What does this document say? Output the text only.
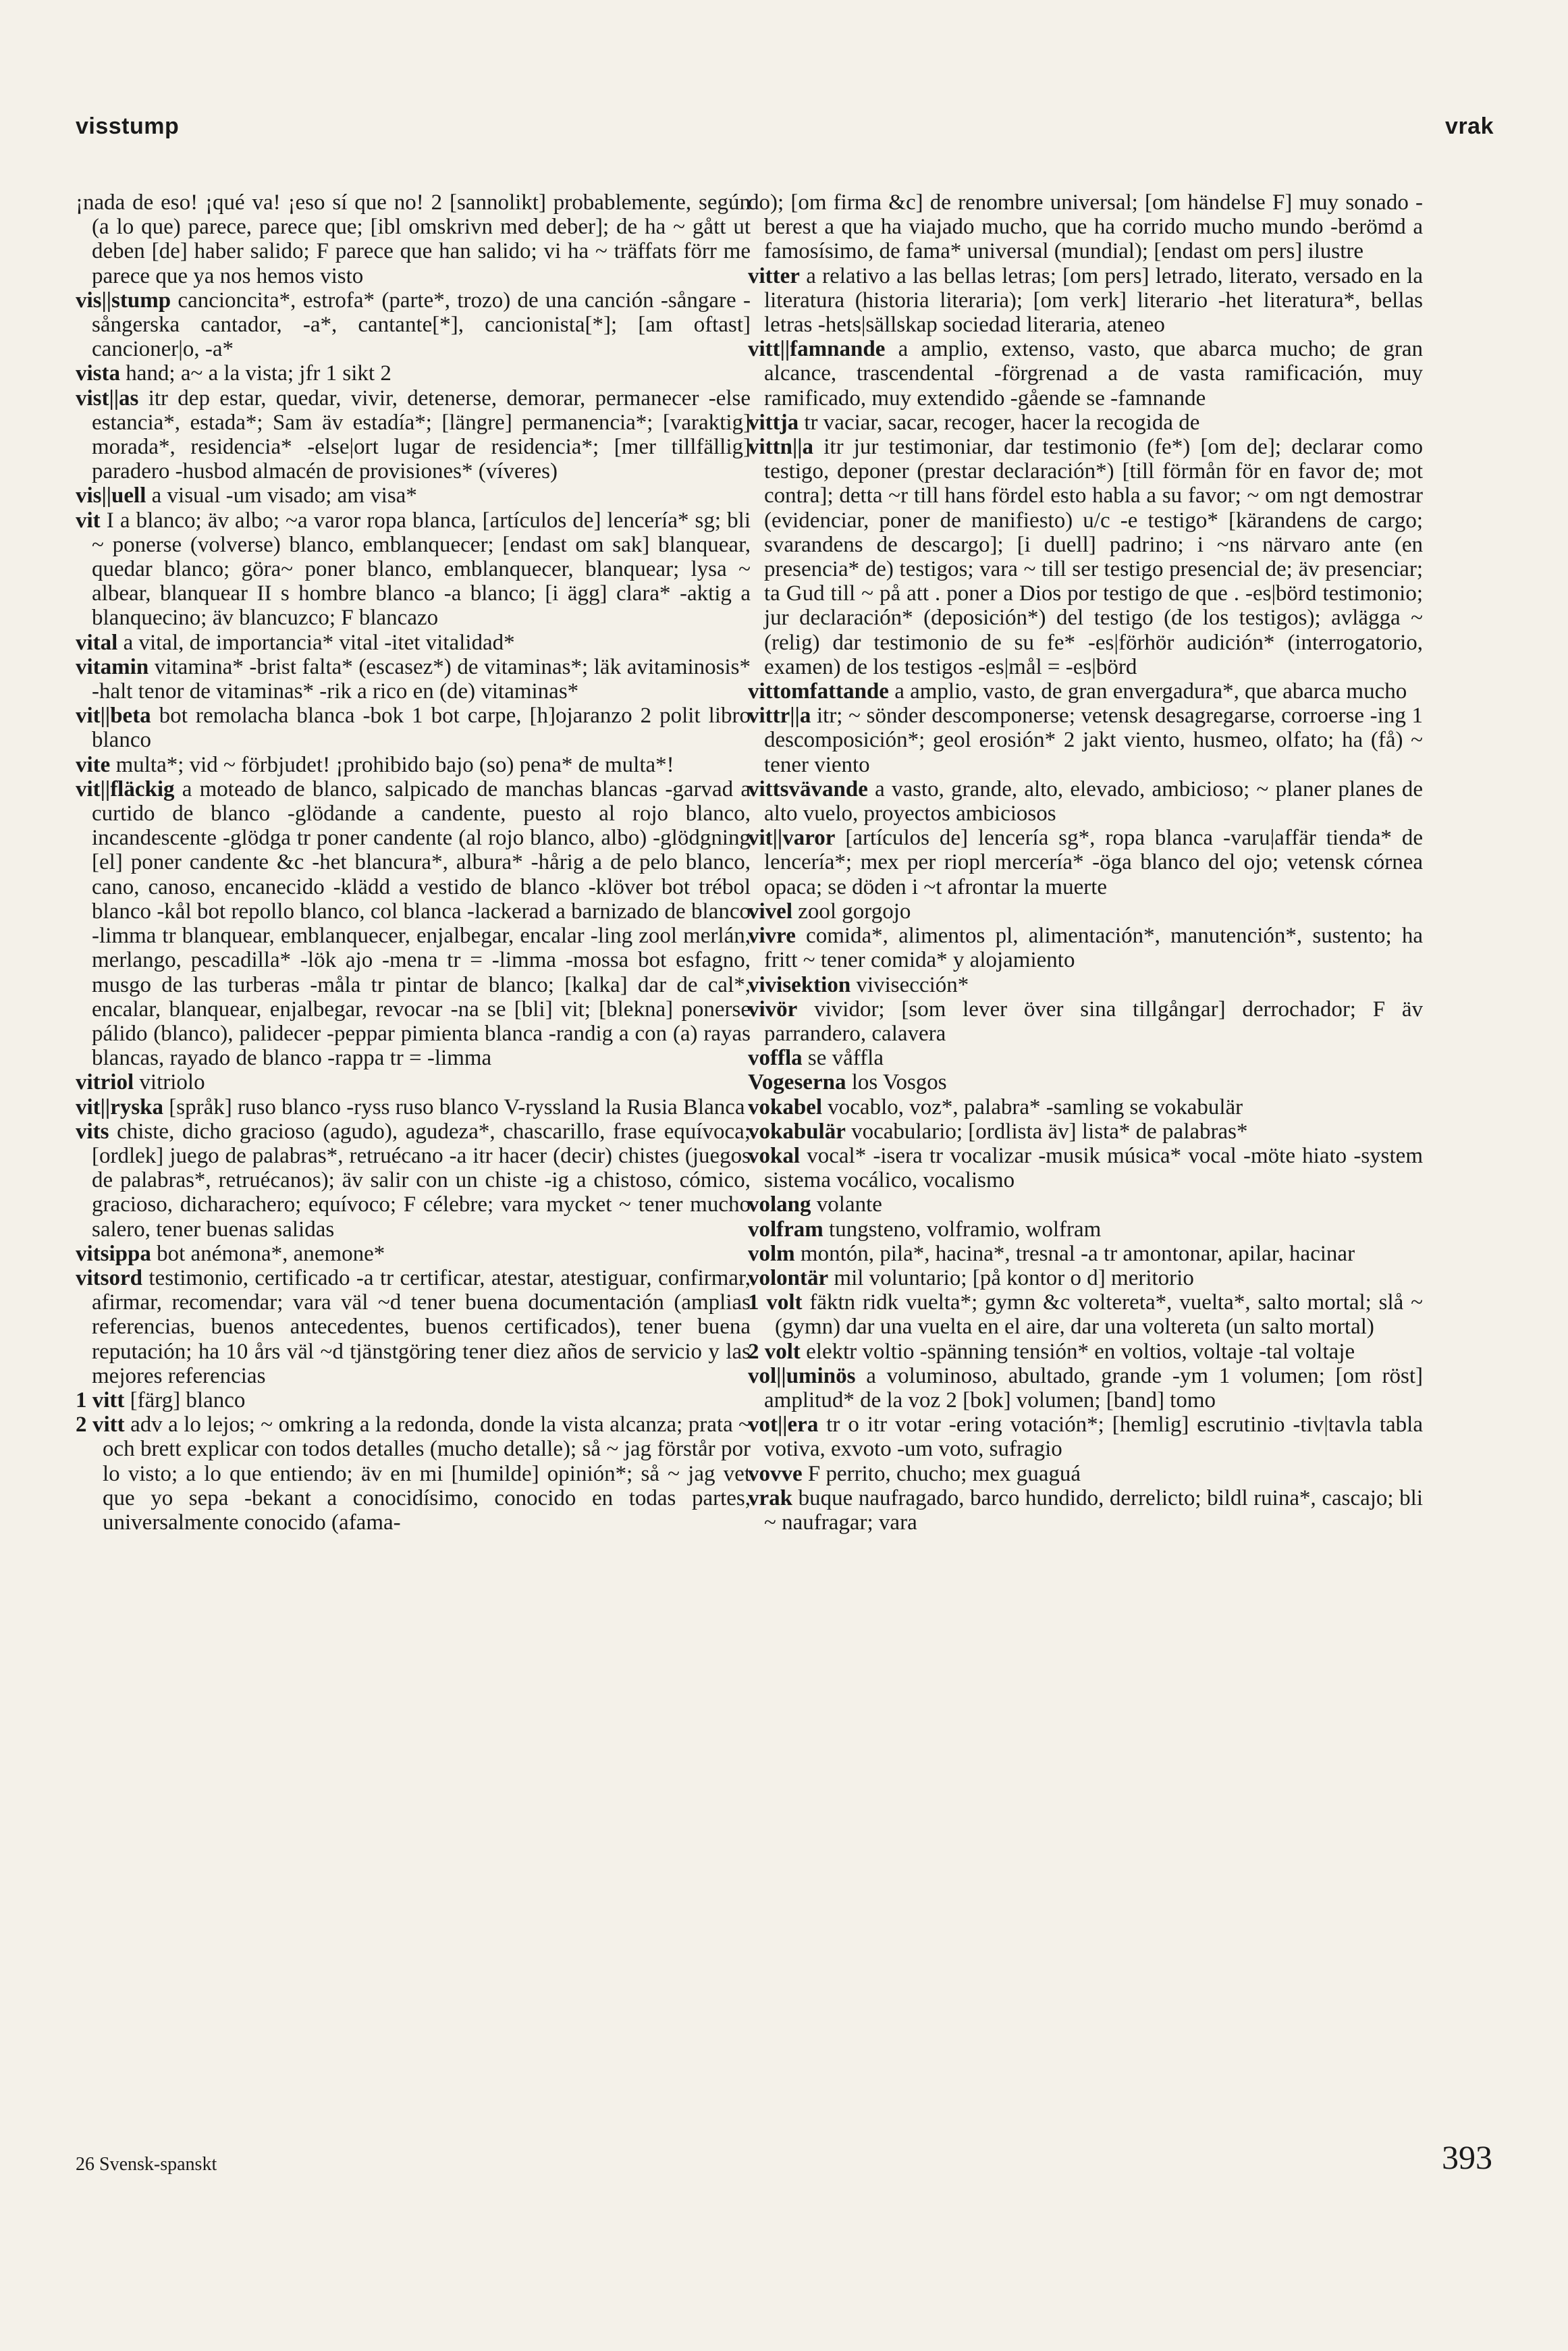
visstump	vrak

¡nada de eso! ¡qué va! ¡eso sí que no! 2 [sannolikt] probablemente, según (a lo que) parece, parece que; [ibl omskrivn med deber]; de ha ~ gått ut deben [de] haber salido; F parece que han salido; vi ha ~ träffats förr me parece que ya nos hemos visto

vis||stump cancioncita*, estrofa* (parte*, trozo) de una canción -sångare -sångerska cantador, -a*, cantante[*], cancionista[*]; [am oftast] cancioner|o, -a*

vista hand; a~ a la vista; jfr 1 sikt 2

vist||as itr dep estar, quedar, vivir, detenerse, demorar, permanecer -else estancia*, estada*; Sam äv estadía*; [längre] permanencia*; [varaktig] morada*, residencia* -else|ort lugar de residencia*; [mer tillfällig] paradero -husbod almacén de provisiones* (víveres)

vis||uell a visual -um visado; am visa*

vit I a blanco; äv albo; ~a varor ropa blanca, [artículos de] lencería* sg; bli ~ ponerse (volverse) blanco, emblanquecer; [endast om sak] blanquear, quedar blanco; göra~ poner blanco, emblanquecer, blanquear; lysa ~ albear, blanquear II s hombre blanco -a blanco; [i ägg] clara* -aktig a blanquecino; äv blancuzco; F blancazo

vital a vital, de importancia* vital -itet vitalidad*

vitamin vitamina* -brist falta* (escasez*) de vitaminas*; läk avitaminosis* -halt tenor de vitaminas* -rik a rico en (de) vitaminas*

vit||beta bot remolacha blanca -bok 1 bot carpe, [h]ojaranzo 2 polit libro blanco

vite multa*; vid ~ förbjudet! ¡prohibido bajo (so) pena* de multa*!

vit||fläckig a moteado de blanco, salpicado de manchas blancas -garvad a curtido de blanco -glödande a candente, puesto al rojo blanco, incandescente -glödga tr poner candente (al rojo blanco, albo) -glödgning [el] poner candente &c -het blancura*, albura* -hårig a de pelo blanco, cano, canoso, encanecido -klädd a vestido de blanco -klöver bot trébol blanco -kål bot repollo blanco, col blanca -lackerad a barnizado de blanco -limma tr blanquear, emblanquecer, enjalbegar, encalar -ling zool merlán, merlango, pescadilla* -lök ajo -mena tr = -limma -mossa bot esfagno, musgo de las turberas -måla tr pintar de blanco; [kalka] dar de cal*, encalar, blanquear, enjalbegar, revocar -na se [bli] vit; [blekna] ponerse pálido (blanco), palidecer -peppar pimienta blanca -randig a con (a) rayas blancas, rayado de blanco -rappa tr = -limma

vitriol vitriolo

vit||ryska [språk] ruso blanco -ryss ruso blanco V-ryssland la Rusia Blanca

vits chiste, dicho gracioso (agudo), agudeza*, chascarillo, frase equívoca; [ordlek] juego de palabras*, retruécano -a itr hacer (decir) chistes (juegos de palabras*, retruécanos); äv salir con un chiste -ig a chistoso, cómico, gracioso, dicharachero; equívoco; F célebre; vara mycket ~ tener mucho salero, tener buenas salidas

vitsippa bot anémona*, anemone*

vitsord testimonio, certificado -a tr certificar, atestar, atestiguar, confirmar, afirmar, recomendar; vara väl ~d tener buena documentación (amplias referencias, buenos antecedentes, buenos certificados), tener buena reputación; ha 10 års väl ~d tjänstgöring tener diez años de servicio y las mejores referencias

1 vitt [färg] blanco

2 vitt adv a lo lejos; ~ omkring a la redonda, donde la vista alcanza; prata ~ och brett explicar con todos detalles (mucho detalle); så ~ jag förstår por lo visto; a lo que entiendo; äv en mi [humilde] opinión*; så ~ jag vet que yo sepa -bekant a conocidísimo, conocido en todas partes, universalmente conocido (afama-

do); [om firma &c] de renombre universal; [om händelse F] muy sonado -berest a que ha viajado mucho, que ha corrido mucho mundo -berömd a famosísimo, de fama* universal (mundial); [endast om pers] ilustre

vitter a relativo a las bellas letras; [om pers] letrado, literato, versado en la literatura (historia literaria); [om verk] literario -het literatura*, bellas letras -hets|sällskap sociedad literaria, ateneo

vitt||famnande a amplio, extenso, vasto, que abarca mucho; de gran alcance, trascendental -förgrenad a de vasta ramificación, muy ramificado, muy extendido -gående se -famnande

vittja tr vaciar, sacar, recoger, hacer la recogida de

vittn||a itr jur testimoniar, dar testimonio (fe*) [om de]; declarar como testigo, deponer (prestar declaración*) [till förmån för en favor de; mot contra]; detta ~r till hans fördel esto habla a su favor; ~ om ngt demostrar (evidenciar, poner de manifiesto) u/c -e testigo* [kärandens de cargo; svarandens de descargo]; [i duell] padrino; i ~ns närvaro ante (en presencia* de) testigos; vara ~ till ser testigo presencial de; äv presenciar; ta Gud till ~ på att . poner a Dios por testigo de que . -es|börd testimonio; jur declaración* (deposición*) del testigo (de los testigos); avlägga ~ (relig) dar testimonio de su fe* -es|förhör audición* (interrogatorio, examen) de los testigos -es|mål = -es|börd

vittomfattande a amplio, vasto, de gran envergadura*, que abarca mucho

vittr||a itr; ~ sönder descomponerse; vetensk desagregarse, corroerse -ing 1 descomposición*; geol erosión* 2 jakt viento, husmeo, olfato; ha (få) ~ tener viento

vittsvävande a vasto, grande, alto, elevado, ambicioso; ~ planer planes de alto vuelo, proyectos ambiciosos

vit||varor [artículos de] lencería sg*, ropa blanca -varu|affär tienda* de lencería*; mex per riopl mercería* -öga blanco del ojo; vetensk córnea opaca; se döden i ~t afrontar la muerte

vivel zool gorgojo

vivre comida*, alimentos pl, alimentación*, manutención*, sustento; ha fritt ~ tener comida* y alojamiento

vivisektion vivisección*

vivör vividor; [som lever över sina tillgångar] derrochador; F äv parrandero, calavera

voffla se våffla

Vogeserna los Vosgos

vokabel vocablo, voz*, palabra* -samling se vokabulär

vokabulär vocabulario; [ordlista äv] lista* de palabras*

vokal vocal* -isera tr vocalizar -musik música* vocal -möte hiato -system sistema vocálico, vocalismo

volang volante

volfram tungsteno, volframio, wolfram

volm montón, pila*, hacina*, tresnal -a tr amontonar, apilar, hacinar

volontär mil voluntario; [på kontor o d] meritorio

1 volt fäktn ridk vuelta*; gymn &c voltereta*, vuelta*, salto mortal; slå ~ (gymn) dar una vuelta en el aire, dar una voltereta (un salto mortal)

2 volt elektr voltio -spänning tensión* en voltios, voltaje -tal voltaje

vol||uminös a voluminoso, abultado, grande -ym 1 volumen; [om röst] amplitud* de la voz 2 [bok] volumen; [band] tomo

vot||era tr o itr votar -ering votación*; [hemlig] escrutinio -tiv|tavla tabla votiva, exvoto -um voto, sufragio

vovve F perrito, chucho; mex guaguá

vrak buque naufragado, barco hundido, derrelicto; bildl ruina*, cascajo; bli ~ naufragar; vara

26 Svensk-spanskt	393
